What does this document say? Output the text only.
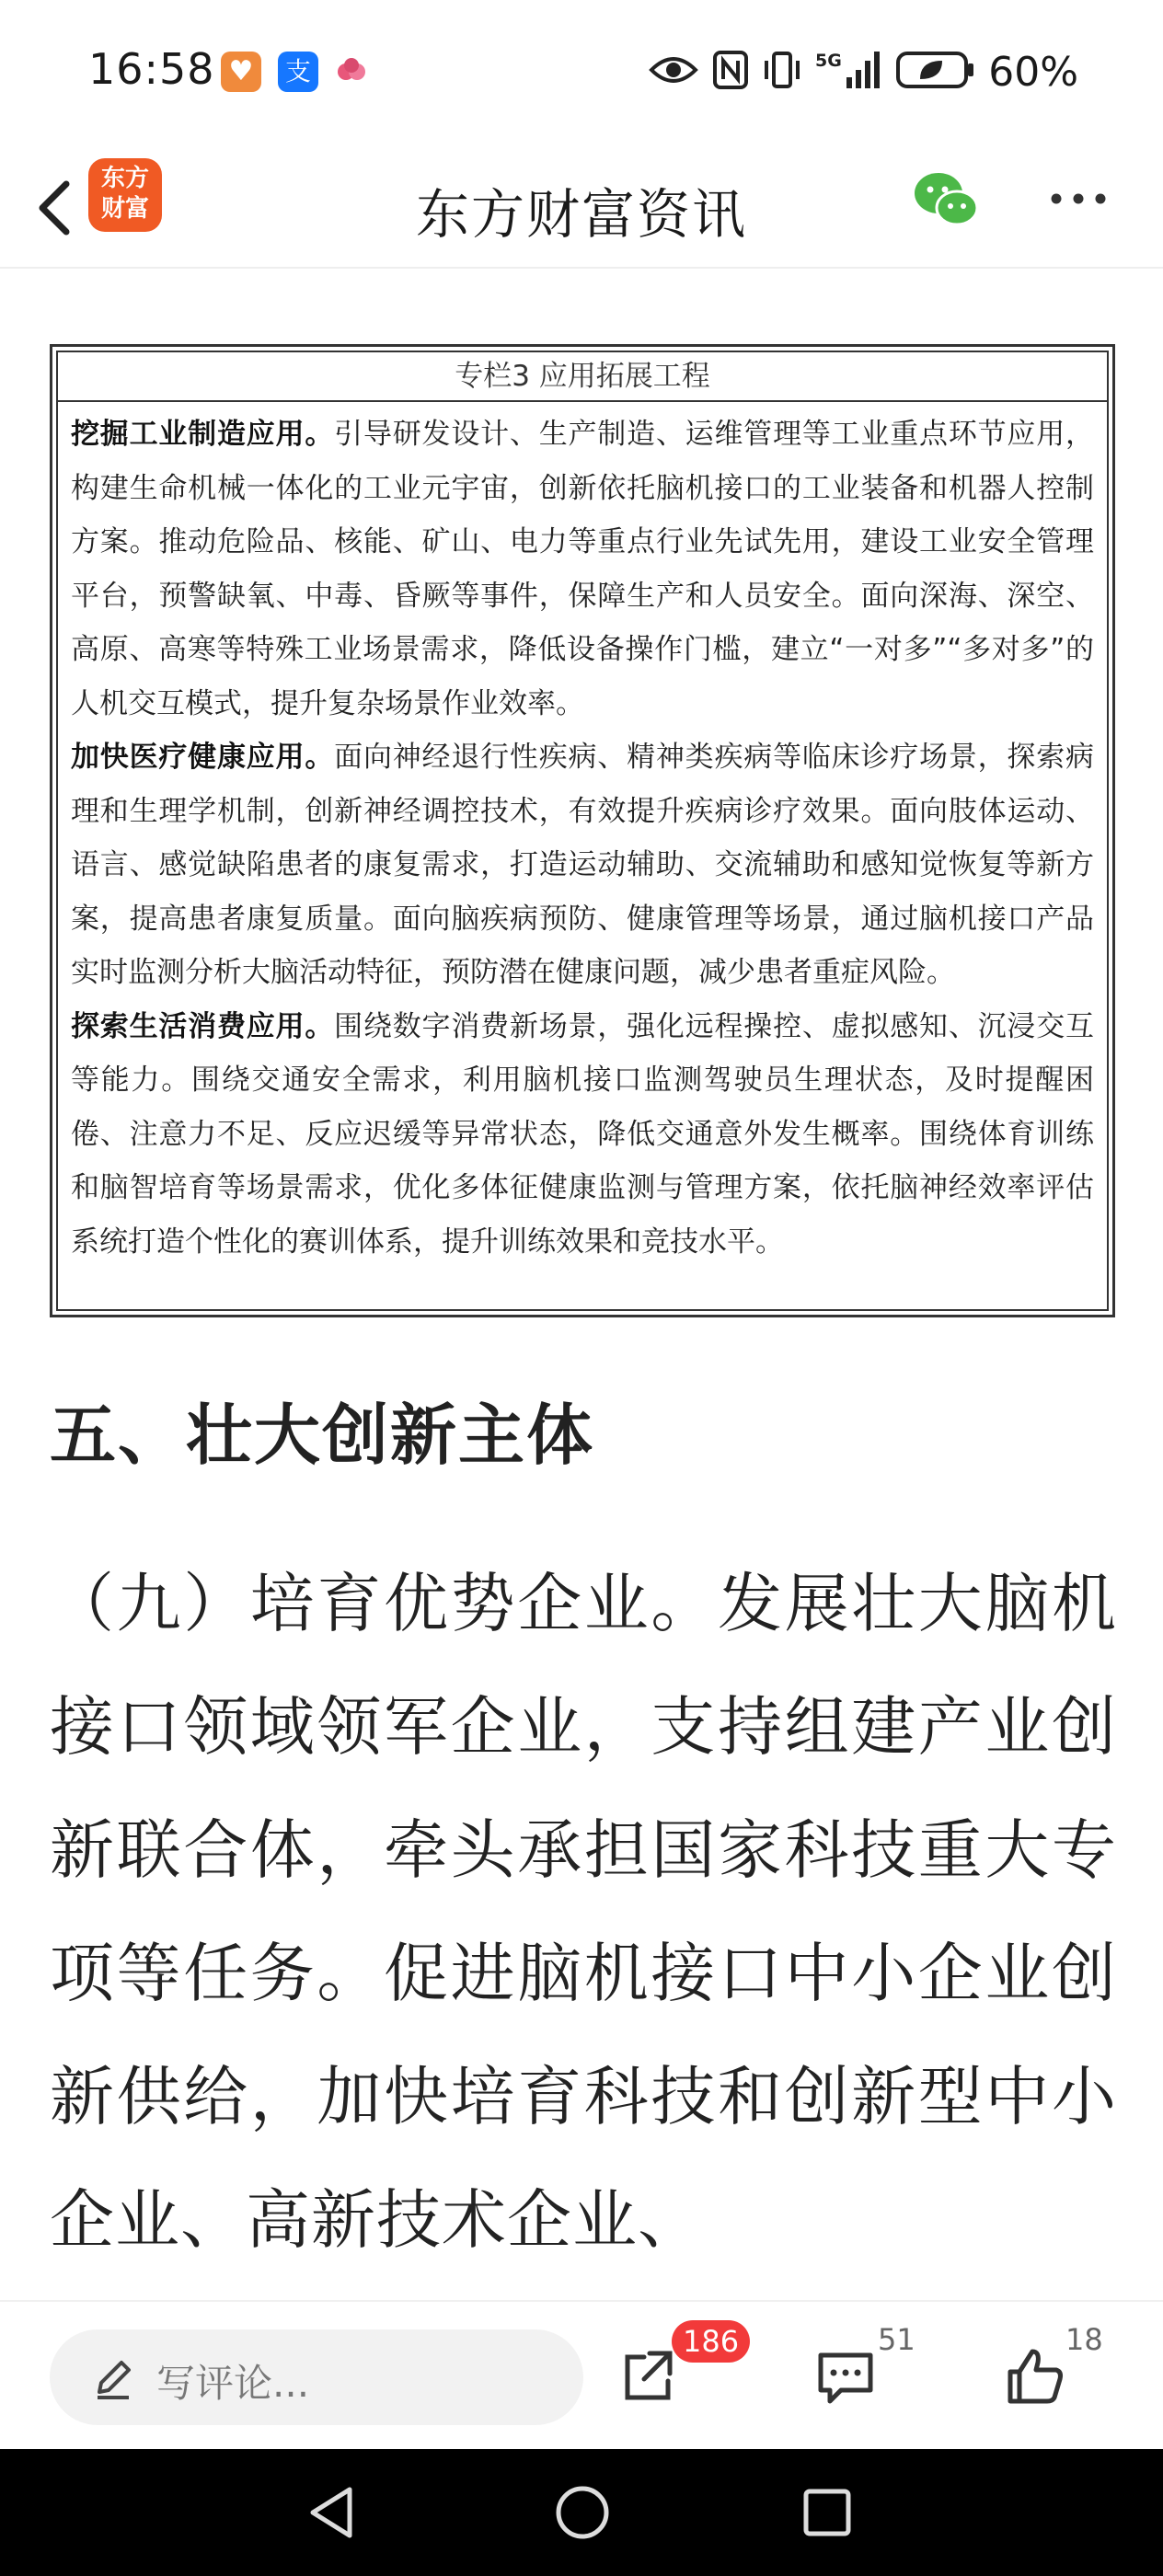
16:58 ♥	支	5G	60%
东方
财富	东方财富资讯
专栏3 应用拓展工程

挖掘工业制造应用。引导研发设计、生产制造、运维管理等工业重点环节应用，构建生命机械一体化的工业元宇宙，创新依托脑机接口的工业装备和机器人控制方案。推动危险品、核能、矿山、电力等重点行业先试先用，建设工业安全管理平台，预警缺氧、中毒、昏厥等事件，保障生产和人员安全。面向深海、深空、高原、高寒等特殊工业场景需求，降低设备操作门槛，建立“一对多”“多对多”的人机交互模式，提升复杂场景作业效率。

加快医疗健康应用。面向神经退行性疾病、精神类疾病等临床诊疗场景，探索病理和生理学机制，创新神经调控技术，有效提升疾病诊疗效果。面向肢体运动、语言、感觉缺陷患者的康复需求，打造运动辅助、交流辅助和感知觉恢复等新方案，提高患者康复质量。面向脑疾病预防、健康管理等场景，通过脑机接口产品实时监测分析大脑活动特征，预防潜在健康问题，减少患者重症风险。

探索生活消费应用。围绕数字消费新场景，强化远程操控、虚拟感知、沉浸交互等能力。围绕交通安全需求，利用脑机接口监测驾驶员生理状态，及时提醒困倦、注意力不足、反应迟缓等异常状态，降低交通意外发生概率。围绕体育训练和脑智培育等场景需求，优化多体征健康监测与管理方案，依托脑神经效率评估系统打造个性化的赛训体系，提升训练效果和竞技水平。

五、壮大创新主体
（九）培育优势企业。发展壮大脑机接口领域领军企业，支持组建产业创新联合体，牵头承担国家科技重大专项等任务。促进脑机接口中小企业创新供给，加快培育科技和创新型中小企业、高新技术企业、
写评论...
186	51	18
